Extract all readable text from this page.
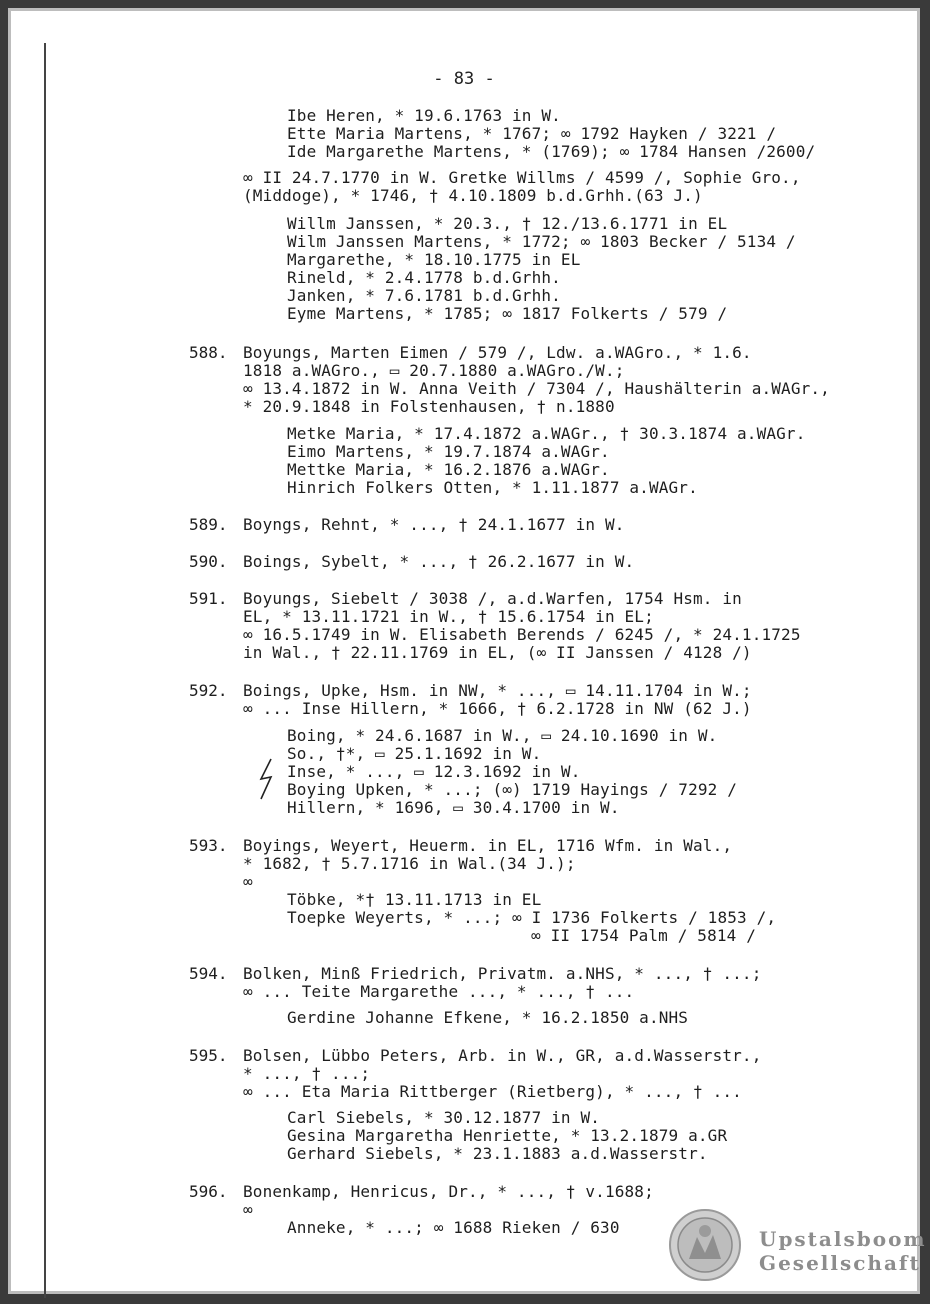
- 83 -
Ibe Heren, * 19.6.1763 in W.
Ette Maria Martens, * 1767; ∞ 1792 Hayken / 3221 /
Ide Margarethe Martens, * (1769); ∞ 1784 Hansen /2600/
∞ II 24.7.1770 in W. Gretke Willms / 4599 /, Sophie Gro.,
(Middoge), * 1746, † 4.10.1809 b.d.Grhh.(63 J.)
Willm Janssen, * 20.3., † 12./13.6.1771 in EL
Wilm Janssen Martens, * 1772; ∞ 1803 Becker / 5134 /
Margarethe, * 18.10.1775 in EL
Rineld, * 2.4.1778 b.d.Grhh.
Janken, * 7.6.1781 b.d.Grhh.
Eyme Martens, * 1785; ∞ 1817 Folkerts / 579 /
588. Boyungs, Marten Eimen / 579 /, Ldw. a.WAGro., * 1.6.
1818 a.WAGro., ▭ 20.7.1880 a.WAGro./W.;
∞ 13.4.1872 in W. Anna Veith / 7304 /, Haushälterin a.WAGr.,
* 20.9.1848 in Folstenhausen, † n.1880
Metke Maria, * 17.4.1872 a.WAGr., † 30.3.1874 a.WAGr.
Eimo Martens, * 19.7.1874 a.WAGr.
Mettke Maria, * 16.2.1876 a.WAGr.
Hinrich Folkers Otten, * 1.11.1877 a.WAGr.
589. Boyngs, Rehnt, * ..., † 24.1.1677 in W.
590. Boings, Sybelt, * ..., † 26.2.1677 in W.
591. Boyungs, Siebelt / 3038 /, a.d.Warfen, 1754 Hsm. in
EL, * 13.11.1721 in W., † 15.6.1754 in EL;
∞ 16.5.1749 in W. Elisabeth Berends / 6245 /, * 24.1.1725
in Wal., † 22.11.1769 in EL, (∞ II Janssen / 4128 /)
592. Boings, Upke, Hsm. in NW, * ..., ▭ 14.11.1704 in W.;
∞ ... Inse Hillern, * 1666, † 6.2.1728 in NW (62 J.)
Boing, * 24.6.1687 in W., ▭ 24.10.1690 in W.
So., †*, ▭ 25.1.1692 in W.
Inse, * ..., ▭ 12.3.1692 in W.
Boying Upken, * ...; (∞) 1719 Hayings / 7292 /
Hillern, * 1696, ▭ 30.4.1700 in W.
593. Boyings, Weyert, Heuerm. in EL, 1716 Wfm. in Wal.,
* 1682, † 5.7.1716 in Wal.(34 J.);
∞
Töbke, *† 13.11.1713 in EL
Toepke Weyerts, * ...; ∞ I 1736 Folkerts / 1853 /,
∞ II 1754 Palm / 5814 /
594. Bolken, Minß Friedrich, Privatm. a.NHS, * ..., † ...;
∞ ... Teite Margarethe ..., * ..., † ...
Gerdine Johanne Efkene, * 16.2.1850 a.NHS
595. Bolsen, Lübbo Peters, Arb. in W., GR, a.d.Wasserstr.,
* ..., † ...;
∞ ... Eta Maria Rittberger (Rietberg), * ..., † ...
Carl Siebels, * 30.12.1877 in W.
Gesina Margaretha Henriette, * 13.2.1879 a.GR
Gerhard Siebels, * 23.1.1883 a.d.Wasserstr.
596. Bonenkamp, Henricus, Dr., * ..., † v.1688;
∞
Anneke, * ...; ∞ 1688 Rieken / 630	Upstalsboom
Gesellschaft
